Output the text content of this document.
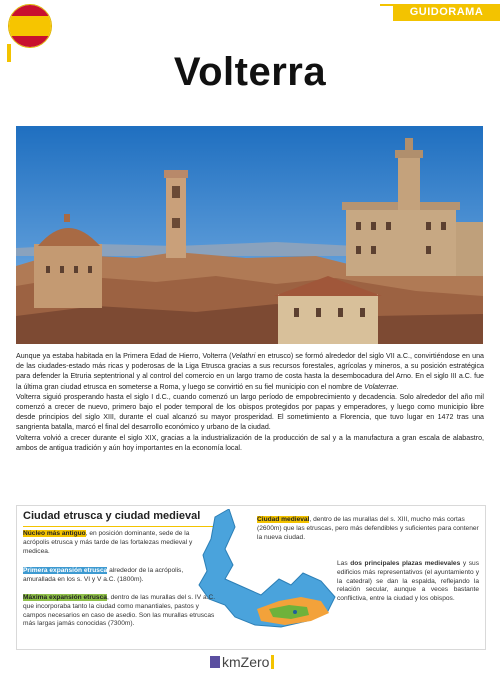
GUIDORAMA
Volterra

Aunque ya estaba habitada en la Primera Edad de Hierro, Volterra (Velathri en etrusco) se formó alrededor del siglo VII a.C., convirtiéndose en una de las ciudades-estado más ricas y poderosas de la Liga Etrusca gracias a sus recursos forestales, agrícolas y mineros, a su posición estratégica para defender la Etruria septentrional y al control del comercio en un largo tramo de costa hasta la desembocadura del Arno. En el siglo III a.C. fue la última gran ciudad etrusca en someterse a Roma, y luego se convirtió en su fiel municipio con el nombre de Volaterrae.

Volterra siguió prosperando hasta el siglo I d.C., cuando comenzó un largo período de empobrecimiento y decadencia. Solo alrededor del año mil comenzó a crecer de nuevo, primero bajo el poder temporal de los obispos protegidos por papas y emperadores, y luego como municipio libre desde principios del siglo XIII, durante el cual alcanzó su mayor prosperidad. El sometimiento a Florencia, que tuvo lugar en 1472 tras una sangrienta batalla, marcó el final del desarrollo económico y urbano de la ciudad.

Volterra volvió a crecer durante el siglo XIX, gracias a la industrialización de la producción de sal y a la manufactura a gran escala de alabastro, ambos de antigua tradición y aún hoy importantes en la economía local.

Ciudad etrusca y ciudad medieval
Núcleo más antiguo, en posición dominante, sede de la acrópolis etrusca y más tarde de las fortalezas medieval y medicea.
Primera expansión etrusca alrededor de la acrópolis, amurallada en los s. VI y V a.C. (1800m).
Máxima expansión etrusca, dentro de las murallas del s. IV a.C. que incorporaba tanto la ciudad como manantiales, pastos y campos necesarios en caso de asedio. Son las murallas etruscas más largas jamás conocidas (7300m).
Ciudad medieval, dentro de las murallas del s. XIII, mucho más cortas (2600m) que las etruscas, pero más defendibles y suficientes para contener la nueva ciudad.
Las dos principales plazas medievales y sus edificios más representativos (el ayuntamiento y la catedral) se dan la espalda, reflejando la relación secular, aunque a veces bastante conflictiva, entre la ciudad y los obispos.
kmZero
